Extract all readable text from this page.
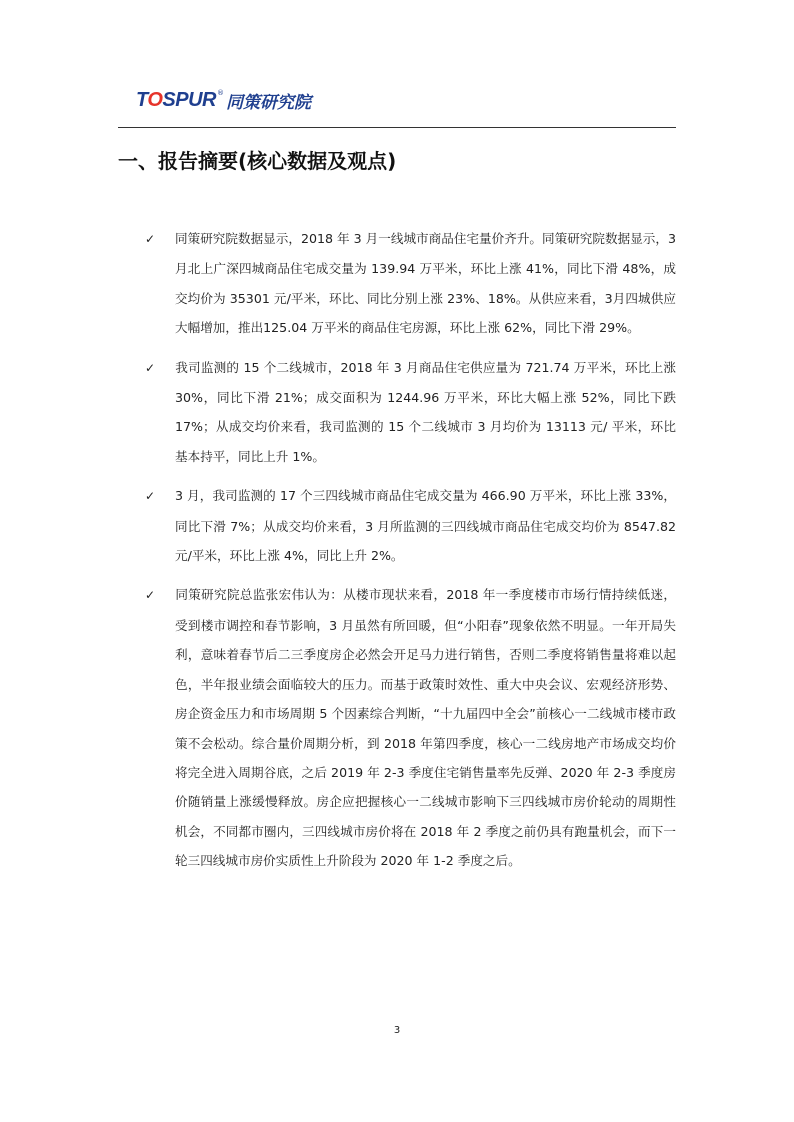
TOSPUR ® 同策研究院
一、报告摘要(核心数据及观点)
✓ 同策研究院数据显示，2018 年 3 月一线城市商品住宅量价齐升。同策研究院数据显示，3 月北上广深四城商品住宅成交量为 139.94 万平米，环比上涨 41%，同比下滑 48%，成交均价为 35301 元/平米，环比、同比分别上涨 23%、18%。从供应来看，3月四城供应大幅增加，推出125.04 万平米的商品住宅房源，环比上涨 62%，同比下滑 29%。
✓ 我司监测的 15 个二线城市，2018 年 3 月商品住宅供应量为 721.74 万平米，环比上涨 30%，同比下滑 21%；成交面积为 1244.96 万平米，环比大幅上涨 52%，同比下跌 17%；从成交均价来看，我司监测的 15 个二线城市 3 月均价为 13113 元/ 平米，环比基本持平，同比上升 1%。
✓ 3 月，我司监测的 17 个三四线城市商品住宅成交量为 466.90 万平米，环比上涨 33%，同比下滑 7%；从成交均价来看，3 月所监测的三四线城市商品住宅成交均价为 8547.82 元/平米，环比上涨 4%，同比上升 2%。
✓ 同策研究院总监张宏伟认为：从楼市现状来看，2018 年一季度楼市市场行情持续低迷，受到楼市调控和春节影响，3 月虽然有所回暖，但“小阳春”现象依然不明显。一年开局失利，意味着春节后二三季度房企必然会开足马力进行销售，否则二季度将销售量将难以起色，半年报业绩会面临较大的压力。而基于政策时效性、重大中央会议、宏观经济形势、房企资金压力和市场周期 5 个因素综合判断，“十九届四中全会”前核心一二线城市楼市政策不会松动。综合量价周期分析，到 2018 年第四季度，核心一二线房地产市场成交均价将完全进入周期谷底，之后 2019 年 2-3 季度住宅销售量率先反弹、2020 年 2-3 季度房价随销量上涨缓慢释放。房企应把握核心一二线城市影响下三四线城市房价轮动的周期性机会，不同都市圈内，三四线城市房价将在 2018 年 2 季度之前仍具有跑量机会，而下一轮三四线城市房价实质性上升阶段为 2020 年 1-2 季度之后。
3
